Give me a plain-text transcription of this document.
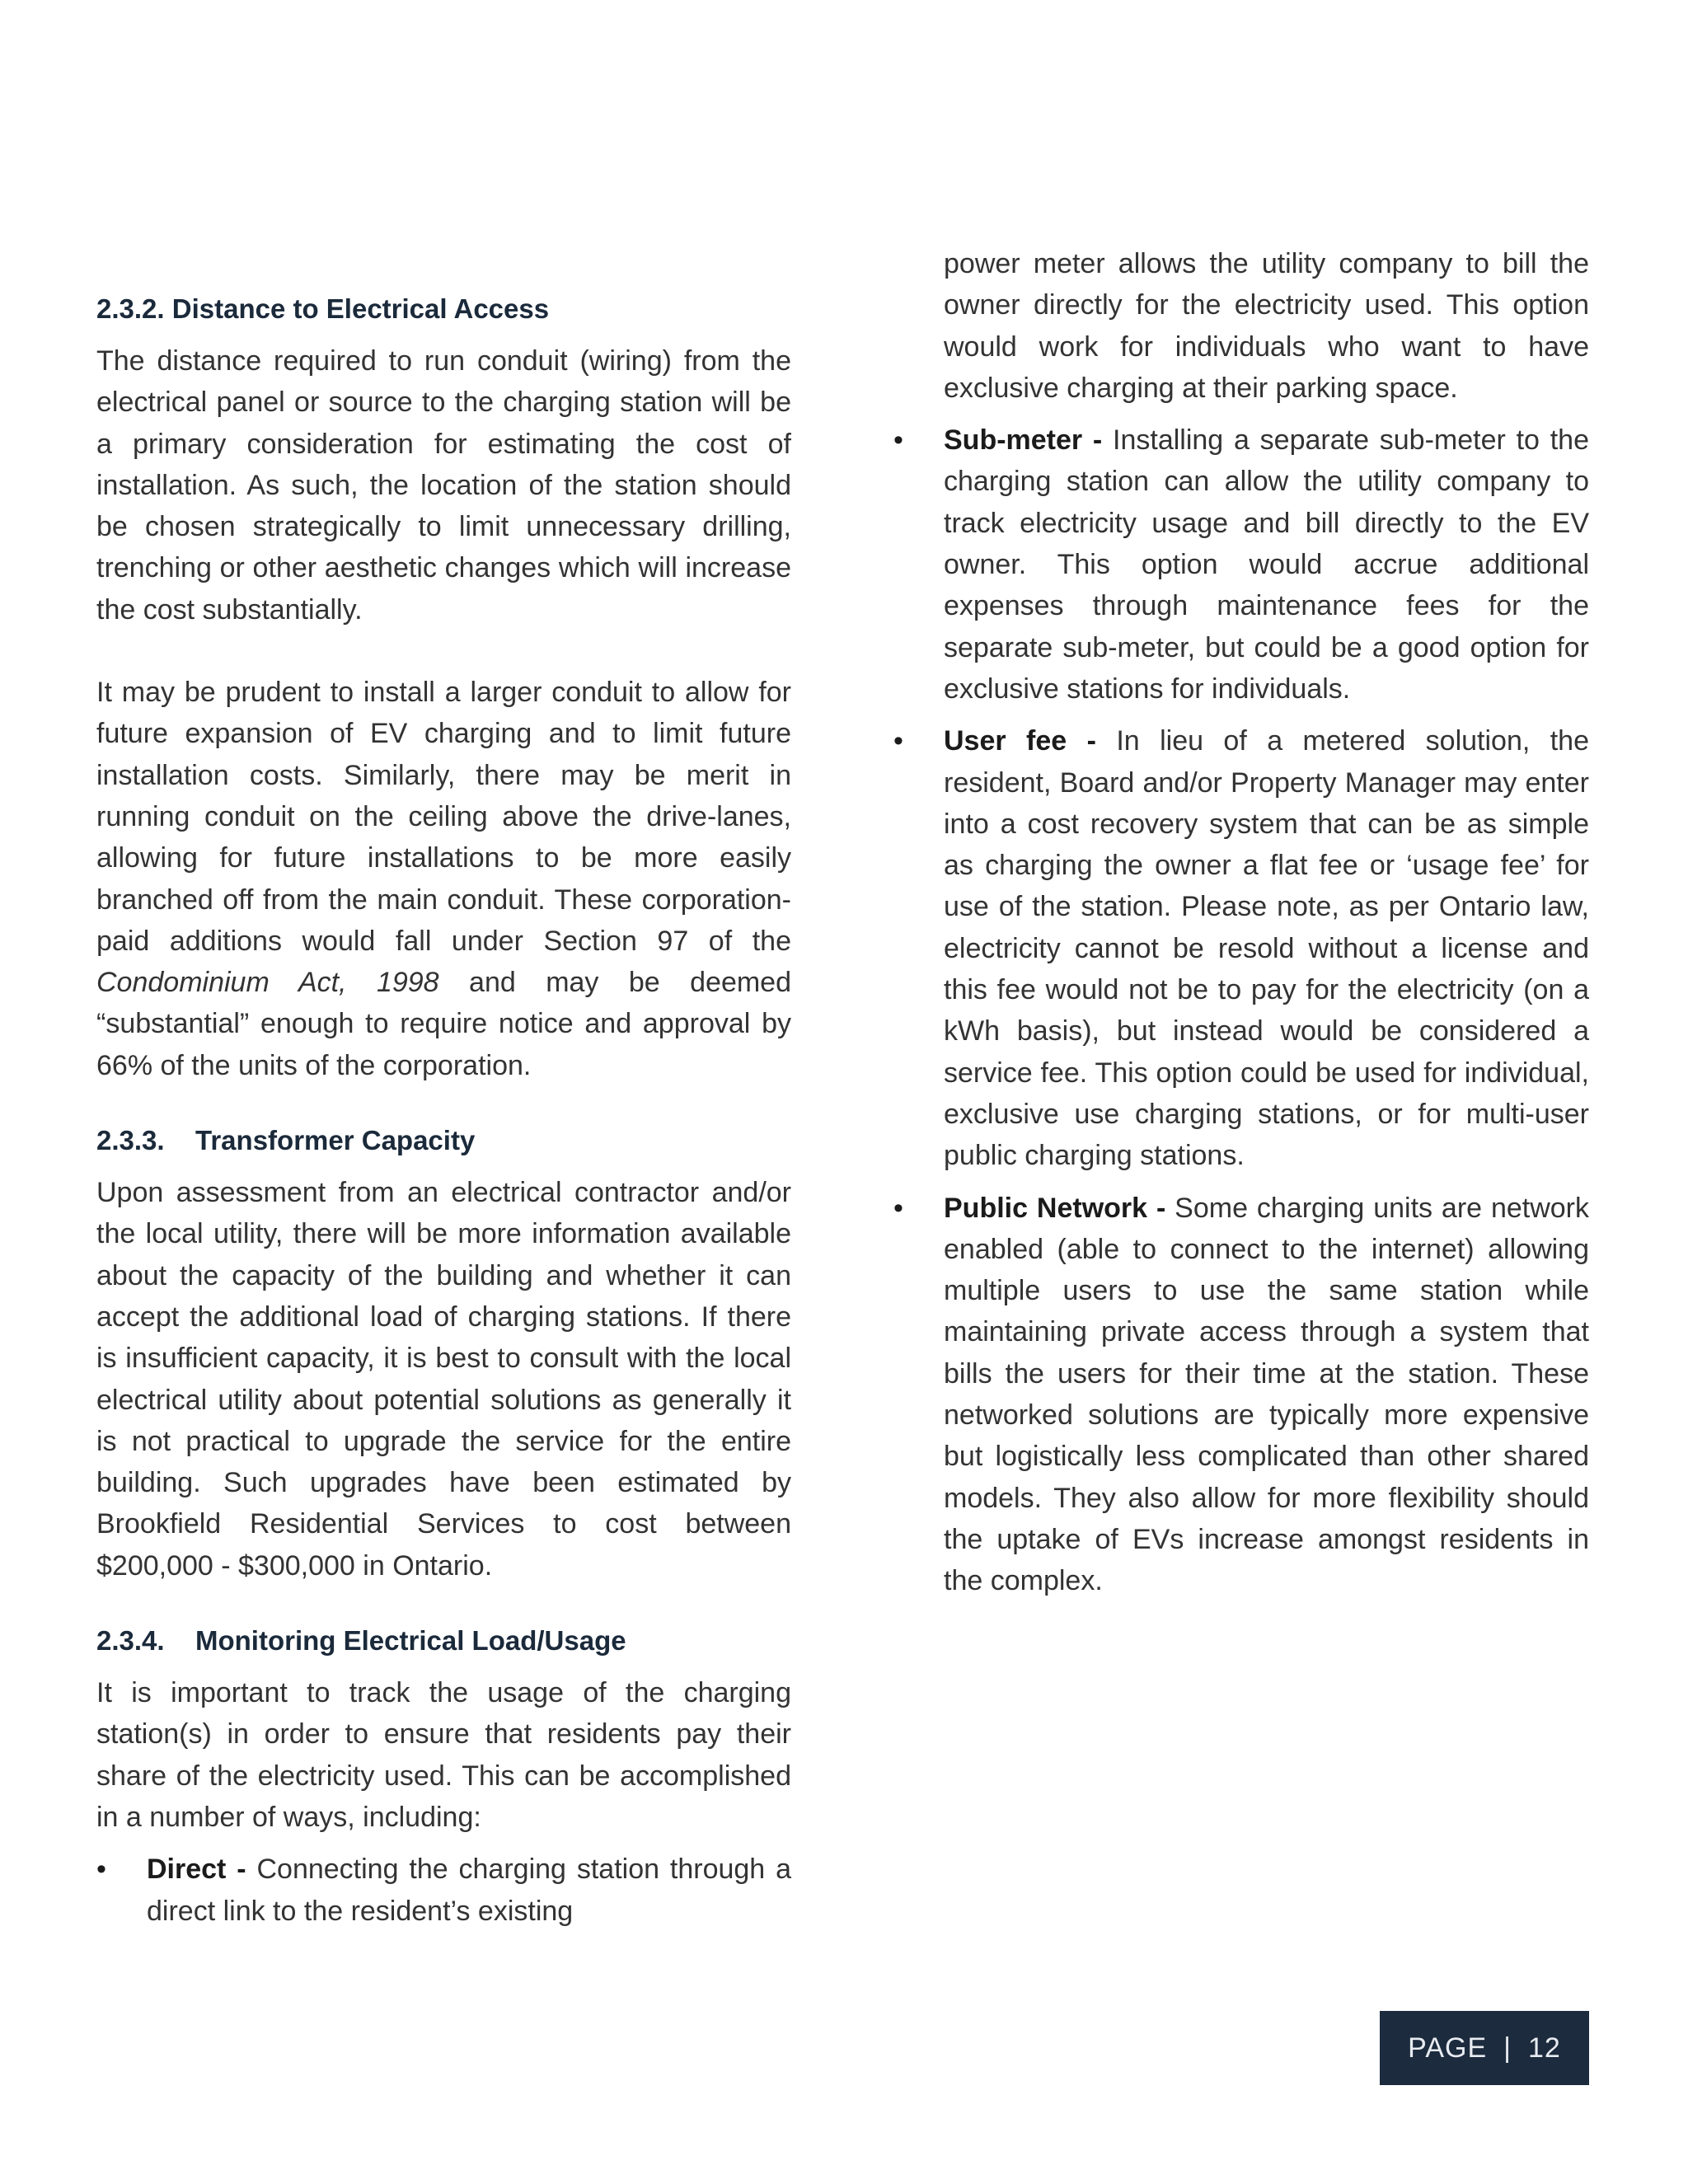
2.3.2. Distance to Electrical Access

The distance required to run conduit (wiring) from the electrical panel or source to the charging station will be a primary consideration for estimating the cost of installation. As such, the location of the station should be chosen strategically to limit unnecessary drilling, trenching or other aesthetic changes which will increase the cost substantially.

It may be prudent to install a larger conduit to allow for future expansion of EV charging and to limit future installation costs. Similarly, there may be merit in running conduit on the ceiling above the drive-lanes, allowing for future installations to be more easily branched off from the main conduit. These corporation-paid additions would fall under Section 97 of the Condominium Act, 1998 and may be deemed “substantial” enough to require notice and approval by 66% of the units of the corporation.

2.3.3. Transformer Capacity

Upon assessment from an electrical contractor and/or the local utility, there will be more information available about the capacity of the building and whether it can accept the additional load of charging stations. If there is insufficient capacity, it is best to consult with the local electrical utility about potential solutions as generally it is not practical to upgrade the service for the entire building. Such upgrades have been estimated by Brookfield Residential Services to cost between $200,000 - $300,000 in Ontario.

2.3.4. Monitoring Electrical Load/Usage

It is important to track the usage of the charging station(s) in order to ensure that residents pay their share of the electricity used. This can be accomplished in a number of ways, including:

• Direct - Connecting the charging station through a direct link to the resident’s existing

power meter allows the utility company to bill the owner directly for the electricity used. This option would work for individuals who want to have exclusive charging at their parking space.

• Sub-meter - Installing a separate sub-meter to the charging station can allow the utility company to track electricity usage and bill directly to the EV owner. This option would accrue additional expenses through maintenance fees for the separate sub-meter, but could be a good option for exclusive stations for individuals.
• User fee - In lieu of a metered solution, the resident, Board and/or Property Manager may enter into a cost recovery system that can be as simple as charging the owner a flat fee or ‘usage fee’ for use of the station. Please note, as per Ontario law, electricity cannot be resold without a license and this fee would not be to pay for the electricity (on a kWh basis), but instead would be considered a service fee. This option could be used for individual, exclusive use charging stations, or for multi-user public charging stations.
• Public Network - Some charging units are network enabled (able to connect to the internet) allowing multiple users to use the same station while maintaining private access through a system that bills the users for their time at the station. These networked solutions are typically more expensive but logistically less complicated than other shared models. They also allow for more flexibility should the uptake of EVs increase amongst residents in the complex.
PAGE | 12
